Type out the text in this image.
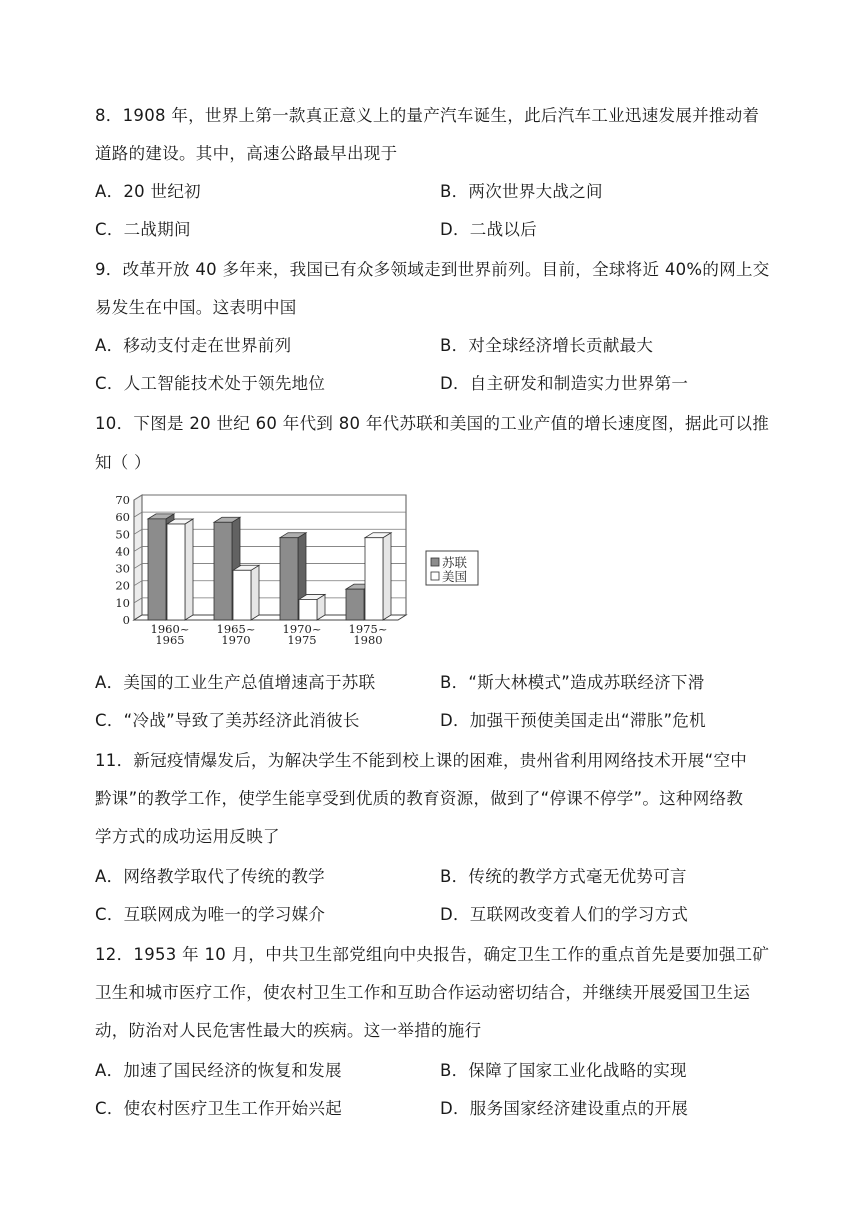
8．1908 年，世界上第一款真正意义上的量产汽车诞生，此后汽车工业迅速发展并推动着
道路的建设。其中，高速公路最早出现于
A．20 世纪初	B．两次世界大战之间
C．二战期间	D．二战以后
9．改革开放 40 多年来，我国已有众多领域走到世界前列。目前，全球将近 40%的网上交
易发生在中国。这表明中国
A．移动支付走在世界前列	B．对全球经济增长贡献最大
C．人工智能技术处于领先地位	D．自主研发和制造实力世界第一
10．下图是 20 世纪 60 年代到 80 年代苏联和美国的工业产值的增长速度图，据此可以推
知（ ）
0
10
20
30
40
50
60
70
1960~
1965
1965~
1970
1970~
1975
1975~
1980
苏联
美国
A．美国的工业生产总值增速高于苏联	B．“斯大林模式”造成苏联经济下滑
C．“冷战”导致了美苏经济此消彼长	D．加强干预使美国走出“滞胀”危机
11．新冠疫情爆发后，为解决学生不能到校上课的困难，贵州省利用网络技术开展“空中
黔课”的教学工作，使学生能享受到优质的教育资源，做到了“停课不停学”。这种网络教
学方式的成功运用反映了
A．网络教学取代了传统的教学	B．传统的教学方式毫无优势可言
C．互联网成为唯一的学习媒介	D．互联网改变着人们的学习方式
12．1953 年 10 月，中共卫生部党组向中央报告，确定卫生工作的重点首先是要加强工矿
卫生和城市医疗工作，使农村卫生工作和互助合作运动密切结合，并继续开展爱国卫生运
动，防治对人民危害性最大的疾病。这一举措的施行
A．加速了国民经济的恢复和发展	B．保障了国家工业化战略的实现
C．使农村医疗卫生工作开始兴起	D．服务国家经济建设重点的开展
